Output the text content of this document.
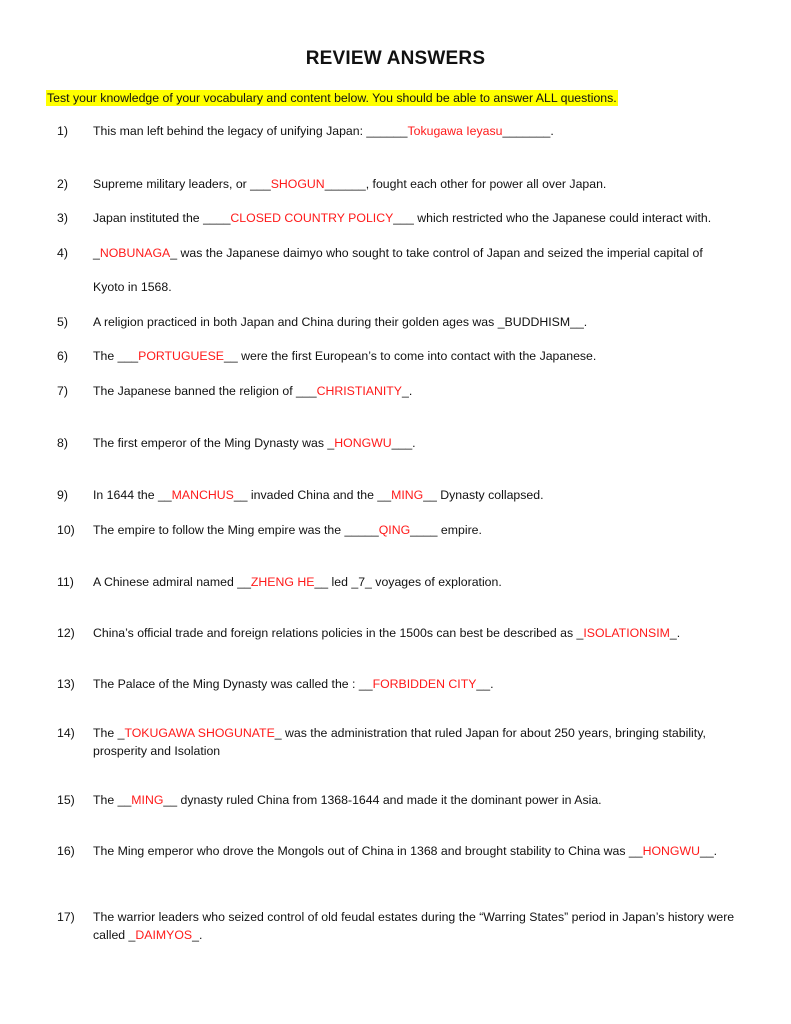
REVIEW ANSWERS
Test your knowledge of your vocabulary and content below. You should be able to answer ALL questions.
1) This man left behind the legacy of unifying Japan: ______Tokugawa Ieyasu_______.
2) Supreme military leaders, or ___SHOGUN______, fought each other for power all over Japan.
3) Japan instituted the ____CLOSED COUNTRY POLICY___ which restricted who the Japanese could interact with.
4) _NOBUNAGA_ was the Japanese daimyo who sought to take control of Japan and seized the imperial capital of
Kyoto in 1568.
5) A religion practiced in both Japan and China during their golden ages was _BUDDHISM__.
6) The ___PORTUGUESE__ were the first European’s to come into contact with the Japanese.
7) The Japanese banned the religion of ___CHRISTIANITY_.
8) The first emperor of the Ming Dynasty was _HONGWU___.
9) In 1644 the __MANCHUS__ invaded China and the __MING__ Dynasty collapsed.
10) The empire to follow the Ming empire was the _____QING____ empire.
11) A Chinese admiral named __ZHENG HE__ led _7_ voyages of exploration.
12) China’s official trade and foreign relations policies in the 1500s can best be described as _ISOLATIONSIM_.
13) The Palace of the Ming Dynasty was called the : __FORBIDDEN CITY__.
14) The _TOKUGAWA SHOGUNATE_ was the administration that ruled Japan for about 250 years, bringing stability, prosperity and Isolation
15) The __MING__ dynasty ruled China from 1368-1644 and made it the dominant power in Asia.
16) The Ming emperor who drove the Mongols out of China in 1368 and brought stability to China was __HONGWU__.
17) The warrior leaders who seized control of old feudal estates during the “Warring States” period in Japan’s history were called _DAIMYOS_.
